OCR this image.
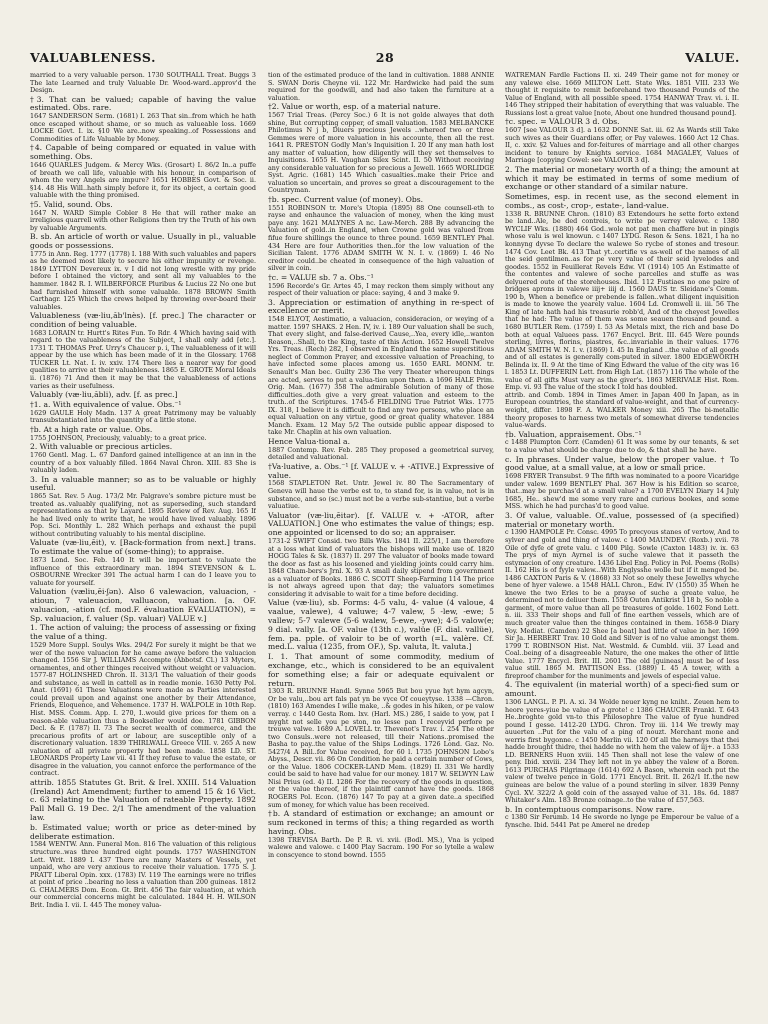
VALUABLENESS.	28	VALUE.

married to a very valuable person. 1730 SOUTHALL Treat. Buggs 3 The late Learned and truly Valuable Dr. Wood-ward..approv'd the Design.

†3. That can be valued; capable of having the value estimated. Obs. rare.

1647 SANDERSON Serm. (1681) I. 263 That sin..from which he hath once escaped without shame, or so much as valueable loss. 1669 LOCKE Govt. I. ix. §10 We are..now speaking..of Possessions and Commodities of Life Valuable by Money.

†4. Capable of being compared or equated in value with something. Obs.

1646 QUARLES Judgem. & Mercy Wks. (Grosart) I. 86/2 In..a puffe of breath we call life, valuable with his honour, in comparison of whom the very Angels are impure? 1651 HOBBES Govt. & Soc. ii. §14. 48 His Will..hath simply before it, for its object, a certain good valuable with the thing promised.

†5. Valid, sound. Obs.

1647 N. WARD Simple Cobler 8 He that will rather make an irreligious quarrell with other Religions then try the Truth of his own by valuable Arguments.

B. sb. An article of worth or value. Usually in pl., valuable goods or possessions.

1775 in Ann. Reg. 1777 (1778) I. 188 With such valuables and papers as he deemed most likely to secure his either impunity or revenge. 1849 LYTTON Devereux ix. v I did not long wrestle with my pride before I obtained the victory, and sent all my valuables to the hammer. 1842 R. I. WILBERFORCE Pluribus & Lucius 22 No one but had furnished himself with some valuable. 1878 BROWN Smith Carthagr. 125 Which the crews helped by throwing over-board their valuables.

Valuableness (væ·liu,ăb'lnès). [f. prec.] The character or condition of being valuable.

1683 LORAIN tr. Hurtt's Rites Fun. To Rdr. 4 Which having said with regard to the valuableness of the Subject, I shall only add [etc.]. 1731 T. THOMAS Pref. Urry's Chaucer p. i, The valuableness of it will appear by the use which has been made of it in the Glossary. 1768 TUCKER Lt. Nat. I. iv. xxiv. 174 There lies a nearer way for good qualities to arrive at their valuableness. 1865 E. GROTE Moral Ideals ii. (1876) 71 And then it may be that the valuableness of actions varies as their usefulness.

Valuably (væ·liu,ăbli), adv. [f. as prec.]

†1. a. With equivalence of value. Obs.⁻¹

1629 GAULE Holy Madn. 137 A great Patrimony may be valuably transubstantiated into the quantity of a little stone.

†b. At a high rate or value. Obs.

1755 JOHNSON, Preciously, valuably; to a great price.

2. With valuable or precious articles.

1760 Gentl. Mag. L. 67 Danford gained intelligence at an inn in the country of a box valuably filled. 1864 Naval Chron. XIII. 83 She is valuably laden.

3. In a valuable manner; so as to be valuable or highly useful.

1865 Sat. Rev. 5 Aug. 173/2 Mr. Palgrave's sombre picture must be treated as..valuably qualifying, not as superseding, such standard representations as that by Layard. 1895 Review of Rev. Aug. 165 If he had lived only to write that, he would have lived valuably. 1896 Pop. Sci. Monthly L. 282 Which perhaps and exhaust the pupil without contributing valuably to his mental discipline.

Valuate (væ·liu,ēit), v. [Back-formation from next.] trans. To estimate the value of (some-thing); to appraise.

1873 Lond. Soc. Feb. 140 It will be important to valuate the influence of this extraordinary man. 1894 STEVENSON & L. OSBOURNE Wrecker 391 The actual harm I can do I leave you to valuate for yourself.

Valuation (væliu,ēi·ʃən). Also 6 valewacion, valuacion, -atioun, 7 valeuacion, valluacon, valuation. [a. OF. valuacion, -ation (cf. mod.F. évaluation EVALUATION), = Sp. valuacion, f. valuer (Sp. valuar) VALUE v.]

1. The action of valuing; the process of assessing or fixing the value of a thing.

1529 More Suppl. Soulys Wks. 294/2 For surely it might be that we wer of the newe valuacion for he came awaye before the valuacion changed. 1556 Sir J. WILLIAMS Accompte (Abbotsf. Cl.) 13 Myters, ornamentes, and other thinges received without weight or valuacion. 1577-87 HOLINSHED Chron. II. 313/1 The valuation of their goods and substance, as well in cattell as in readie monie. 1630 Petty Pol. Anat. (1691) 61 These Valuations were made as Parties interested could prevail upon and against one another by their Attendance, Friends, Eloquence, and Vehemence. 1737 H. WALPOLE in 10th Rep. Hist. MSS. Comm. App. I. 270, I..would give prices for them on a reason-able valuation thus a Bookseller would doe. 1781 GIBBON Decl. & F. (1787) II. 73 The secret wealth of commerce, and the precarious profits of art or labour, are susceptible only of a discretionary valuation. 1839 THIRLWALL Greece VIII. v. 265 A new valuation of all private property had been made. 1858 LD. ST. LEONARDS Property Law vii. 41 If they refuse to value the estate, or disagree in the valuation, you cannot enforce the performance of the contract.

attrib. 1855 Statutes Gt. Brit. & Irel. XXIII. 514 Valuation (Ireland) Act Amendment; further to amend 15 & 16 Vict. c. 63 relating to the Valuation of rateable Property. 1892 Pall Mall G. 19 Dec. 2/1 The amendment of the valuation law.

b. Estimated value; worth or price as deter-mined by deliberate estimation.

1584 WENTW. Ann. Funeral Mon. 816 The valuation of this religious structure..was three hundred eight pounds. 1757 WASHINGTON Lett. Writ. 1889 I. 437 There are many Masters of Vessels, yet unpaid, who are very anxious to receive their valuation. 1775 S. J. PRATT Liberal Opin. xxx. (1783) IV. 119 The earnings were no trifles at point of price ..bearing no less a valuation than 200 guineas. 1812 G. CHALMERS Dom. Econ. Gt. Brit. 456 The fair valuation, at which our commercial concerns might be calculated. 1844 H. H. WILSON Brit. India I. vii. I. 445 The money valua-

tion of the estimated produce of the land in cultivation. 1888 ANNIE S. SWAN Doris Cheyne vii. 122 Mr. Hardwicke had paid the sum required for the goodwill, and had also taken the furniture at a valuation.

†2. Value or worth, esp. of a material nature.

1567 Trial Treas. (Percy Soc.) 6 It is not golde alwayes that doth shine, But corrupting copper, of small valuation. 1583 MELBANCKE Philotimus N j b, Diuers precious Jewels ..whereof two or three Gemmes were of more valuation in his accounte, then all the rest. 1641 R. PRESTON Godly Man's Inquisition I. 20 If any man hath lost any matter of valuation, how diligently will they set themselves to Inquisitions. 1655 H. Vaughan Silex Scint. II. 50 Without receiving any considerable valuation for so precious a Jewell. 1665 WORLIDGE Syst. Agric. (1681) 145 Which casualties..make their Price and valuation so uncertain, and proves so great a discouragement to the Countryman.

†b. spec. Current value (of money). Obs.

1551 ROBINSON tr. More's Utopia (1895) 88 One counsell-eth to rayse and enhaunce the valuacion of money, when the king must paye any. 1621 MALYNES A nc. Law-Merch. 288 By advancing the Valuation of gold..in England, when Crowne gold was valued from fifue foure shillings the ounce to three pound. 1659 BENTLEY Phal. 434 Here are four Authorities then..for the low valuation of the Sicilian Talent. 1776 ADAM SMITH W. N. I. v. (1869) I. 46 No creditor could..be cheated in consequence of the high valuation of silver in coin.

†c. = VALUE sb. 7 a. Obs.⁻¹

1596 Recorde's Gr. Artes 45, I may reckon them simply without any respect of their valuation or place: saying, 4 and 3 make 9.

3. Appreciation or estimation of anything in re-spect of excellence or merit.

1548 ELYOT, Aestimatio, a valuacion, consideracion, or weying of a matter. 1597 SHAKS. 2 Hen. IV, iv. i. 189 Our valuation shall be such, That every slight, and false-derived Cause,..Yea, every idle,..wanton Reason,..Shall, to the King, taste of this Action. 1652 Howell Twelve Yrs. Treas. (Rech) 282, I observed in England the same superstitious neglect of Common Prayer, and excessive valuation of Preaching, to have infected some places among us. 1650 EARL MONM. tr. Senault's Man bec. Guilty 236 The very Theater whereupon things are acted, serves to put a valua-tion upon them. a 1696 HALE Prim. Orig. Man. (1677) 358 The admirable Solution of many of those difficulties..doth give a very great valuation and esteem to the truth..of the Scriptures. 1745-6 FIELDING True Patriot Wks. 1775 IX. 318, I believe it is difficult to find any two persons, who place an equal valuation on any virtue, good or great quality whatever. 1884 Manch. Exam. 12 May 5/2 The outside public appear disposed to take Mr. Chaplin at his own valuation.

Hence Valua·tional a.

1887 Contemp. Rev. Feb. 285 They proposed a geometrical survey, detailed and valuational.

†Va·luative, a. Obs.⁻¹ [f. VALUE v. + -ATIVE.] Expressive of value.

1568 STAPLETON Ret. Untr. Jewel iv. 80 The Sacramentary of Geneva will haue the verbe est to, to stand for, is in value, not is in substance, and so (sc.) must not be a verbe sub-stantiue, but a verbe valuatiue.

Valuator (væ·liu,ēitər). [f. VALUE v. + -ATOR, after VALUATION.] One who estimates the value of things; esp. one appointed or licensed to do so; an appraiser.

1731-2 SWIFT Consid. two Bills Wks. 1841 II. 225/1, I am therefore at a loss what kind of valuators the bishops will make use of. 1820 HOGG Tales & Sk. (1837) II. 297 The valuator of books made toward the door as fast as his loosened and yielding joints could carry him. 1848 Cham-bers's Jrnl. X. 93 A small daily stipend from government as a valuator of Books. 1886 C. SCOTT Sheep-Farming 114 The price is not always agreed upon that day; the valuators sometimes considering it advisable to wait for a time before deciding.

Value (væ·liu), sb. Forms: 4-5 valu, 4- value (4 valoue, 4 vaalue, valewe), 4 valuwe; 4-7 valew, 5 -lew, -ewe; 5 vallew; 5-7 valewe (5-6 walew, 5-ewe, -ywe); 4-5 valow(e; 9 dial. vally. [a. OF. value (13th c.), valüe (F. dial. vallüe), fem. pa. pple. of valoir to be of worth (=L. valère. Cf. med.L. valua (1235, from OF.), Sp. valuta, It. valuta.]

I. 1. That amount of some commodity, medium of exchange, etc., which is considered to be an equivalent for something else; a fair or adequate equivalent or return.

1303 R. BRUNNE Handl. Synne 5965 But bou yyue hyt hym agcyn, Or be valu,..bou art fals pat yn be vyce Of coueytyse. 1338 —Chron. (1810) 163 Amendes I wille make, ..& godes in his hiken, or pe valow verray. c 1440 Gesta Rom. lxv. (Harl. MS.) 286, I saide to yow, pat I myght not selle you pe ston, no lesse pan I receyvid perfore pe treuwe valwe. 1689 A. LOVELL tr. Thevenot's Trav. i. 254 The other two Consuls..were not released, till their Nations..promised the Basha to pay..the value of the Ships Lodings. 1726 Lond. Gaz. No. 5427/4 A Bill..for Value received, for 60 l. 1735 JOHNSON Lobo's Abyss., Descr. vii. 86 On Condition he paid a certain number of Cows, or the Value. 1806 COCKER-LAND Mem. (1829) II. 331 We hardly could be said to have had value for our money. 1817 W. SELWYN Law Nisi Prius (ed. 4) II. 1286 For the recovery of the goods in question, or the value thereof, if the plaintiff cannot have the goods. 1868 ROGERS Pol. Econ. (1876) 147 To pay at a given date..a specified sum of money, for which value has been received.

†b. A standard of estimation or exchange; an amount or sum reckoned in terms of this; a thing regarded as worth having. Obs.

1398 TREVISA Barth. De P. R. vi. xvii. (Bodl. MS.), Vna is yciped walewe and valowe. c 1400 Play Sacram. 190 For so lytelle a walew in conscyence to stond bownd. 1555

WATREMAN Fardle Factions II. xi. 249 Their game not for money or any valewe else. 1669 MILTON Lett. State Wks. 1851 VIII. 233 We thought it requisite to remit beforehand two thousand Pounds of the Value of England, with all possible speed. 1754 HANWAY Trav. vi. i. II. 146 They stripped their habitation of everything that was valuable. The Russians lost a great value [note, About one hundred thousand pound].

†c. spec. = VALOUR 3 d. Obs.

1607 [see VALOUR 3 d]. a 1632 DONNE Sat. iii. 62 As Wards still Take such wives as their Guardians offer, or Pay valewes. 1660 Act 12 Chas. II, c. xxiv. §2 Values and for-feitures of marriage and all other charges incident to tenure by Knights service. 1684 MAGALEY, Values of Marriage [copying Cowel: see VALOUR 3 d].

2. The material or monetary worth of a thing; the amount at which it may be estimated in terms of some medium of exchange or other standard of a similar nature.

Sometimes, esp. in recent use, as the second element in combs., as cost-, crop-, estate-, land-value.

1338 R. BRUNNE Chron. (1810) 83 Extendours he sette forto extend be land..Ale, be ded contreis, to write pe verrey valewe. c 1380 WYCLIF Wks. (1880) 464 God..wole not pat men chaffere but in pingis whose valu is wel knowun. c 1407 LYDG. Reson & Sens. 1821, I ha no konnyng dyvse To declare the walewe So rycbe of stones and tresour. 1474 Cov. Leet Bk. 413 That yt..certifie vs as-well of the names of all the seid gentilmen..as for pe very value of their seid lyvelodes and goodes. 1552 in Feuillerat Revels Edw. VI (1914) 105 An Estimatte of the contentes and valewe of soche parcelles and stuffe as was delyuered oute of the storehouses. Ibid. 112 Fustiaes no one paire of bridges aprons in valewe iiij+ iiij d. 1560 DAUS tr. Sleidane's Comm. 190 b, When a benefice or prebende is fallen..what diligent inquisition is made to knowe the yearely value. 1604 Ld. Cromwell ii. iii. 56 The King of late hath had his treasurie robb'd, And of the cheyest Jewelles that he had: The value of them was some seauen thousand pound. a 1680 BUTLER Rem. (1759) I. 53 As Metals mixt, the rich and base Do both at equal Valuees pass. 1767 Encycl. Brit. III. 645 Were pounds sterling, livres, florins, piastres, &c..invariable in their values. 1776 ADAM SMITH W. N. I. v. (1869) I. 45 In England ..the value of all goods and of all estates is generally com-puted in silver. 1800 EDGEWORTH Belinda ix. II. 9 At the time of King Edward the value of the city was 16 l. 1853 Lt. DUFFERIN Lett. from High Lat. (1857) 116 The whole of the value of all gifts Must vary as the giver's. 1863 MERIVALE Hist. Rom. Emp. vi. 93 The value of the stock I told has doubled.

attrib. and Comb. 1894 in Times Amer. in Japan 400 In Japan, as in European countries, the standard of value-weight, and that of currency-weight, differ. 1898 F. A. WALKER Money xiii. 265 The bi-metallic theory proposes to harness two metals of somewhat diverse tendencies value-wards.

†b. Valuation, appraisement. Obs.⁻¹

c 1488 Plumpton Corr. (Camden) 61 It was some by our tenants, & set to a value what should be charge due to do, & that shall he have.

c. In phrases. Under value, below the proper value. † To good value, at a small value, at a low or small price.

1698 FRYER Transubst. 9 The fifth was nominated to a poore Vicaridge under valew. 1699 BENTLEY Phal. 367 How is his Edition so scarce, that..may be purchas'd at a small value? a 1700 EVELYN Diary 14 July 1685, He.. shew'd me some very rare and curious bookes, and some MSS. which he had purchas'd to good value.

3. Of value, valuable. Of..value, possessed of (a specified) material or monetary worth.

c 1390 HAMPOLE Pr. Consc. 4995 To precyous stanes of vertow, And to sylver and gold and thing of valow. c 1400 MAUNDEV. (Roxb.) xvii. 78 Oile of dyfe of grete valu. c 1400 Pilg. Sowle (Caxton 1483) iv. ix. 63 The prys of myn Ayrnel is of suche valewe that it passeth the estymacion of ony creature. 1436 Libel Eng. Policy in Pol. Poems (Rolls) II. 162 His is of fyyle valew...With Englysshe wolle but if it menged be. 1486 CAXTON Paris & V. (1868) 33 Not so onely these Jewellys whyche bene of hyer valewe. a 1548 HALL Chron., Edw. IV (1550) 35 When he knewe the two Erles to be a prayse of suche a greate value, he determined not to deliuer them. 1558 Outen Antikrist 118 b, So noble a garment, of more value than all pe treasures of golde. 1602 Fond Lett. n. iii. 333 Their shops and full of fine earthen vessels, which are of much greater value then the thinges contained in them. 1658-9 Diary Voy. Mediat. (Camden) 22 Shee [a boat] had little of value in her. 1699 Sir Ja. HERBERT Trav. 10 Gold and Silver is of no value amongst them. 1799 T. ROBINSON Hist. Nat. Westmld. & Cumbld. viii. 37 Lead and Coal..being of a disagreeable Nature, the one makes the other of little Value. 1777 Encycl. Brit. III. 2601 The old [guineas] must be of less value still. 1865 M. PATTISON Ess. (1889) I. 45 A tower, with a fireproof chamber for the muniments and jewels of especial value.

4. The equivalent (in material worth) of a speci-fied sum or amount.

1306 LANGL. P. Pl. A. xi. 34 Wolde neuer kyng ne kniht.. Zeuen hem to heore yeres-yiue be value of a grote! c 1386 CHAUCER Frankl. T. 643 He..broghte gold vn-to this Philosophre The value of fyue hundred pound I gesse. 1412-20 LYDG. Chron. Troy iii. 114 We trewly may auuerten ..Put for the valu of a ping of nouzt. Merchant mone and werris first bygonne. c 1450 Merlin vii. 120 Of all the harneys that thei hadde brought thidre, thei hadde no with hem the valew of iij+. a 1533 LD. BERNERS Huon xviii. 145 Then shall not lese the valew of one peny. Ibid. xxviii. 234 They left not in ye abbey the valew of a Boren. 1613 PURCHAS Pilgrimage (1614) 692 A Bason, wherein each put the valew of twelve pence in Gold. 1771 Encycl. Brit. II. 262/1 If..the new guineas are below the value of a pound sterling in silver. 1839 Penny Cycl. XV. 322/2 A gold coin of the assayed value of 31. 18s. 6d. 1887 Whitaker's Alm. 183 Bronze coinage..to the value of £57,563.

b. In contemptuous comparisons. Now rare.

c 1380 Sir Ferumb. 14 He sworde no lynge pe Emperour be value of a fynsche. Ibid. 5441 Pat pe Amerel ne dredep
